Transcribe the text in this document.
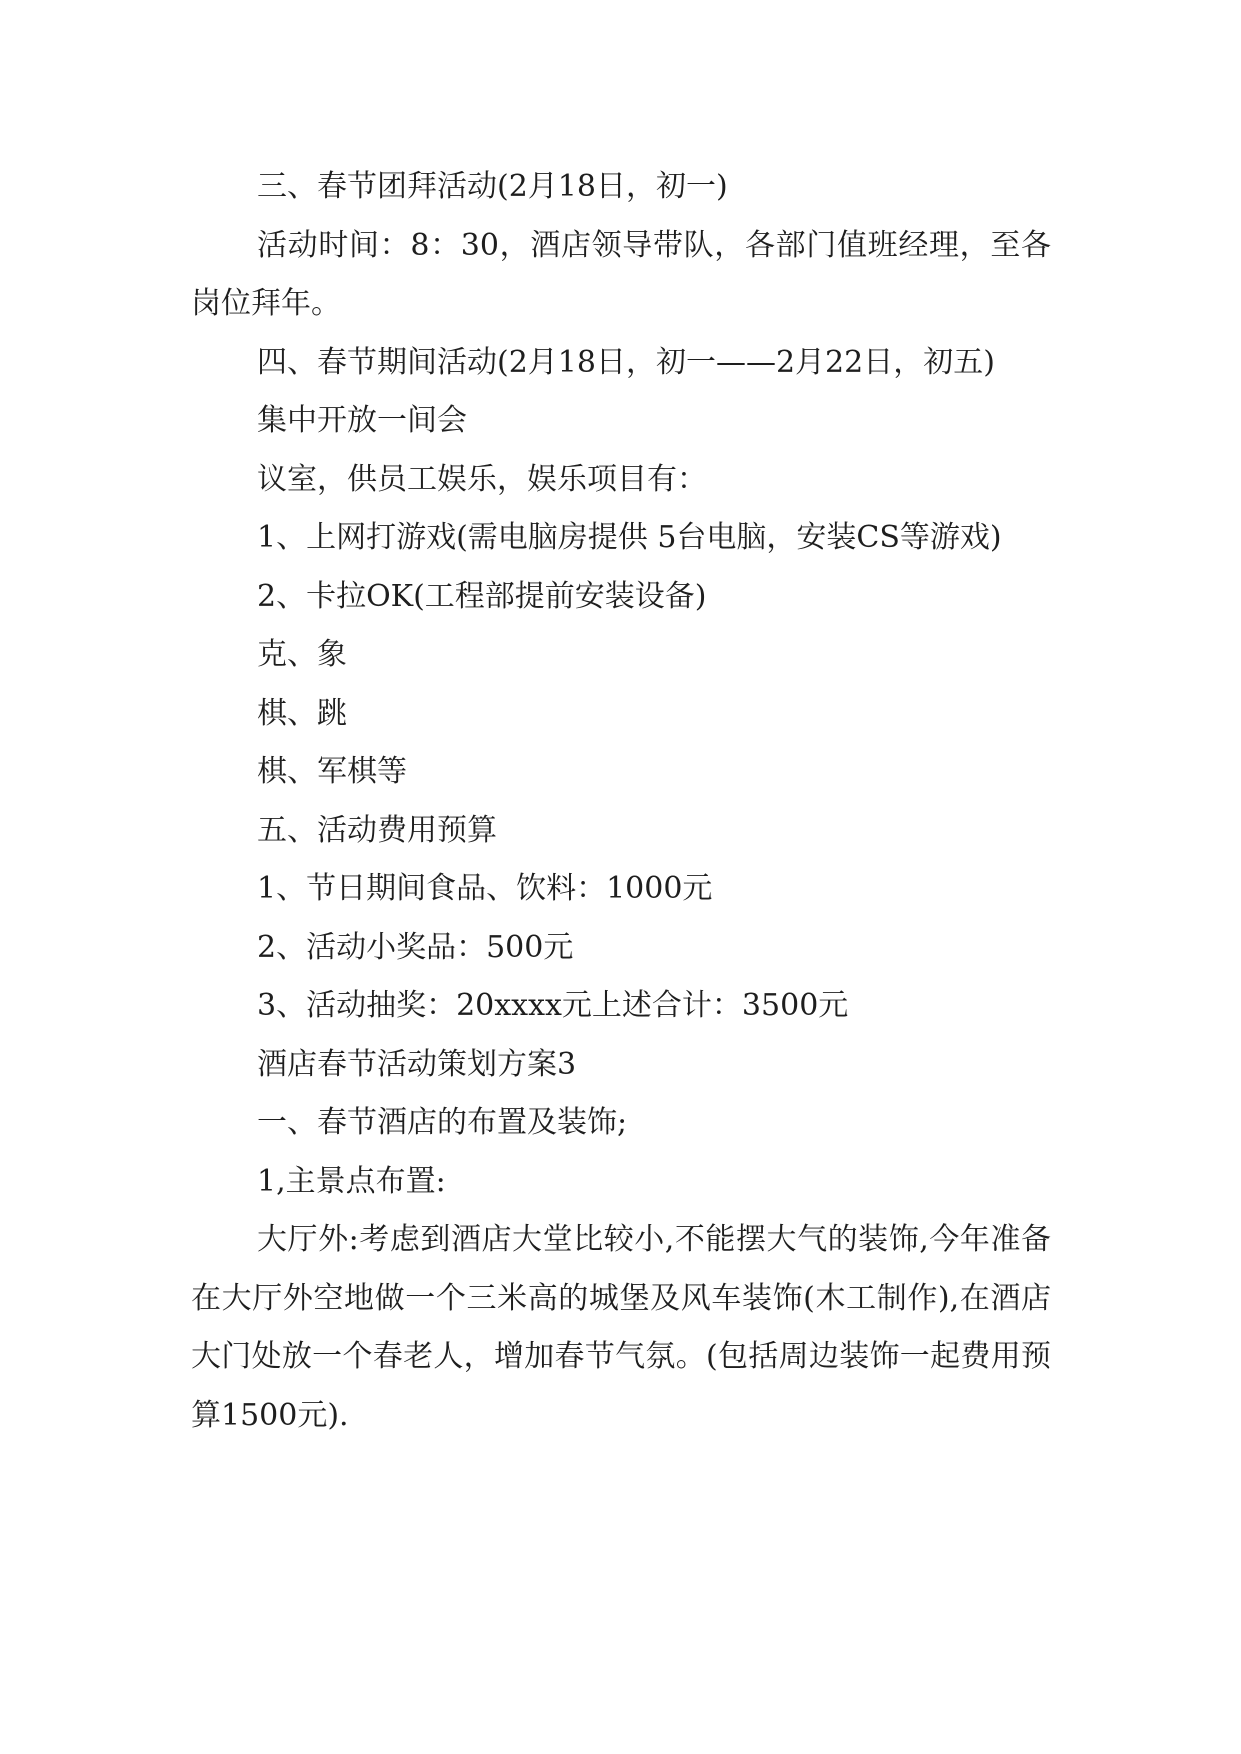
三、春节团拜活动(2月18日，初一)

活动时间：8：30，酒店领导带队，各部门值班经理，至各岗位拜年。

四、春节期间活动(2月18日，初一——2月22日，初五)

集中开放一间会

议室，供员工娱乐，娱乐项目有：

1、上网打游戏(需电脑房提供 5台电脑，安装CS等游戏)

2、卡拉OK(工程部提前安装设备)

克、象

棋、跳

棋、军棋等

五、活动费用预算

1、节日期间食品、饮料：1000元

2、活动小奖品：500元

3、活动抽奖：20xxxx元上述合计：3500元

酒店春节活动策划方案3

一、春节酒店的布置及装饰;

1,主景点布置:

大厅外:考虑到酒店大堂比较小,不能摆大气的装饰,今年准备在大厅外空地做一个三米高的城堡及风车装饰(木工制作),在酒店大门处放一个春老人，增加春节气氛。(包括周边装饰一起费用预算1500元).
